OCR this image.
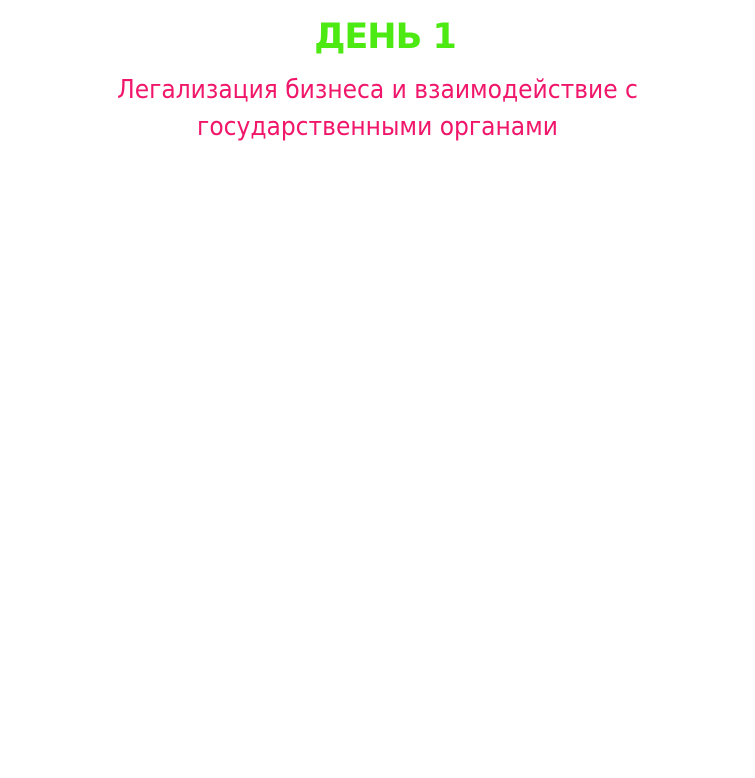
ДЕНЬ 1

Легализация бизнеса и взаимодействие с государственными органами
